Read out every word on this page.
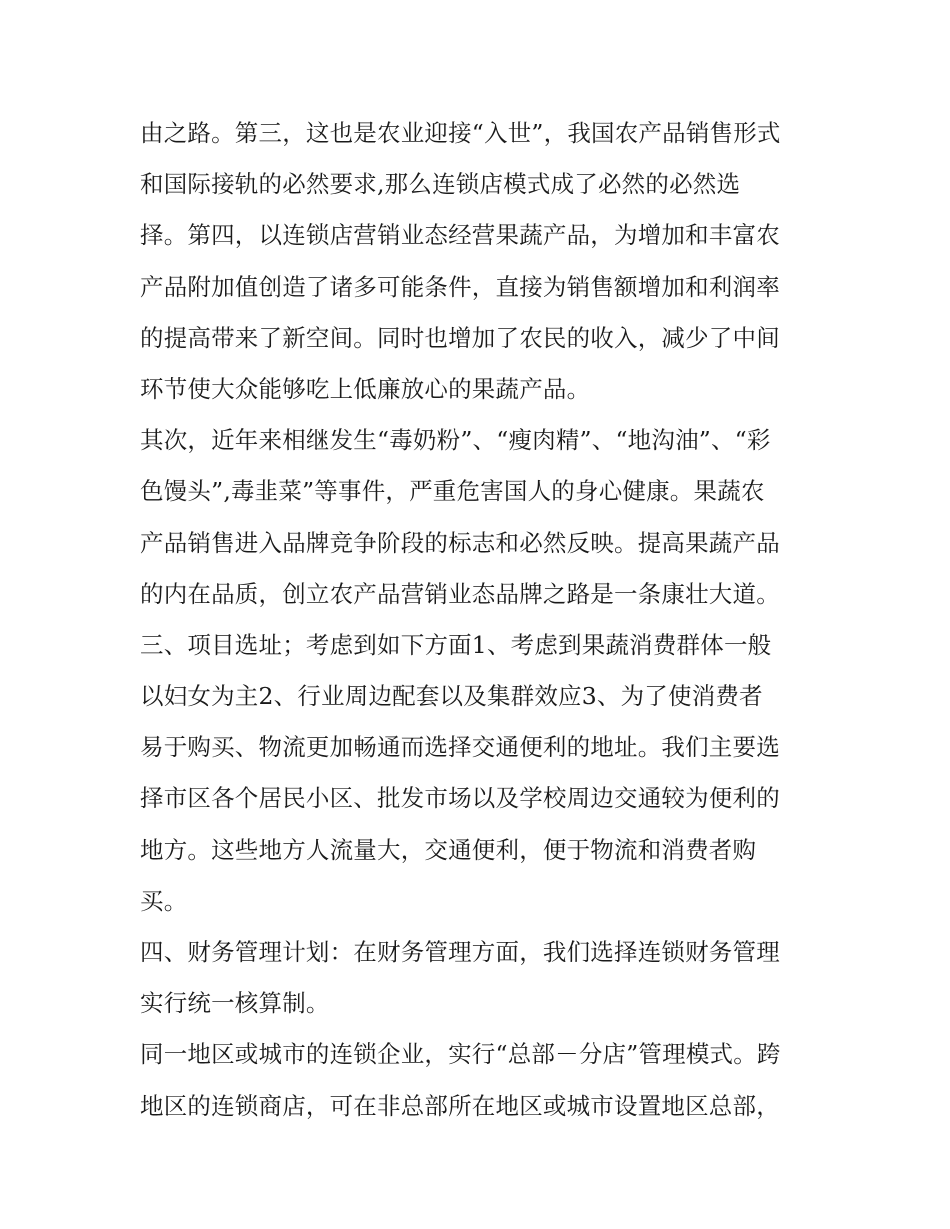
由之路。第三，这也是农业迎接“入世”，我国农产品销售形式
和国际接轨的必然要求,那么连锁店模式成了必然的必然选
择。第四，以连锁店营销业态经营果蔬产品，为增加和丰富农
产品附加值创造了诸多可能条件，直接为销售额增加和利润率
的提高带来了新空间。同时也增加了农民的收入，减少了中间
环节使大众能够吃上低廉放心的果蔬产品。
其次，近年来相继发生“毒奶粉”、“瘦肉精”、“地沟油”、“彩
色馒头”,毒韭菜”等事件，严重危害国人的身心健康。果蔬农
产品销售进入品牌竞争阶段的标志和必然反映。提高果蔬产品
的内在品质，创立农产品营销业态品牌之路是一条康壮大道。
三、项目选址；考虑到如下方面1、考虑到果蔬消费群体一般
以妇女为主2、行业周边配套以及集群效应3、为了使消费者
易于购买、物流更加畅通而选择交通便利的地址。我们主要选
择市区各个居民小区、批发市场以及学校周边交通较为便利的
地方。这些地方人流量大，交通便利，便于物流和消费者购
买。
四、财务管理计划：在财务管理方面，我们选择连锁财务管理
实行统一核算制。
同一地区或城市的连锁企业，实行“总部－分店”管理模式。跨
地区的连锁商店，可在非总部所在地区或城市设置地区总部，
